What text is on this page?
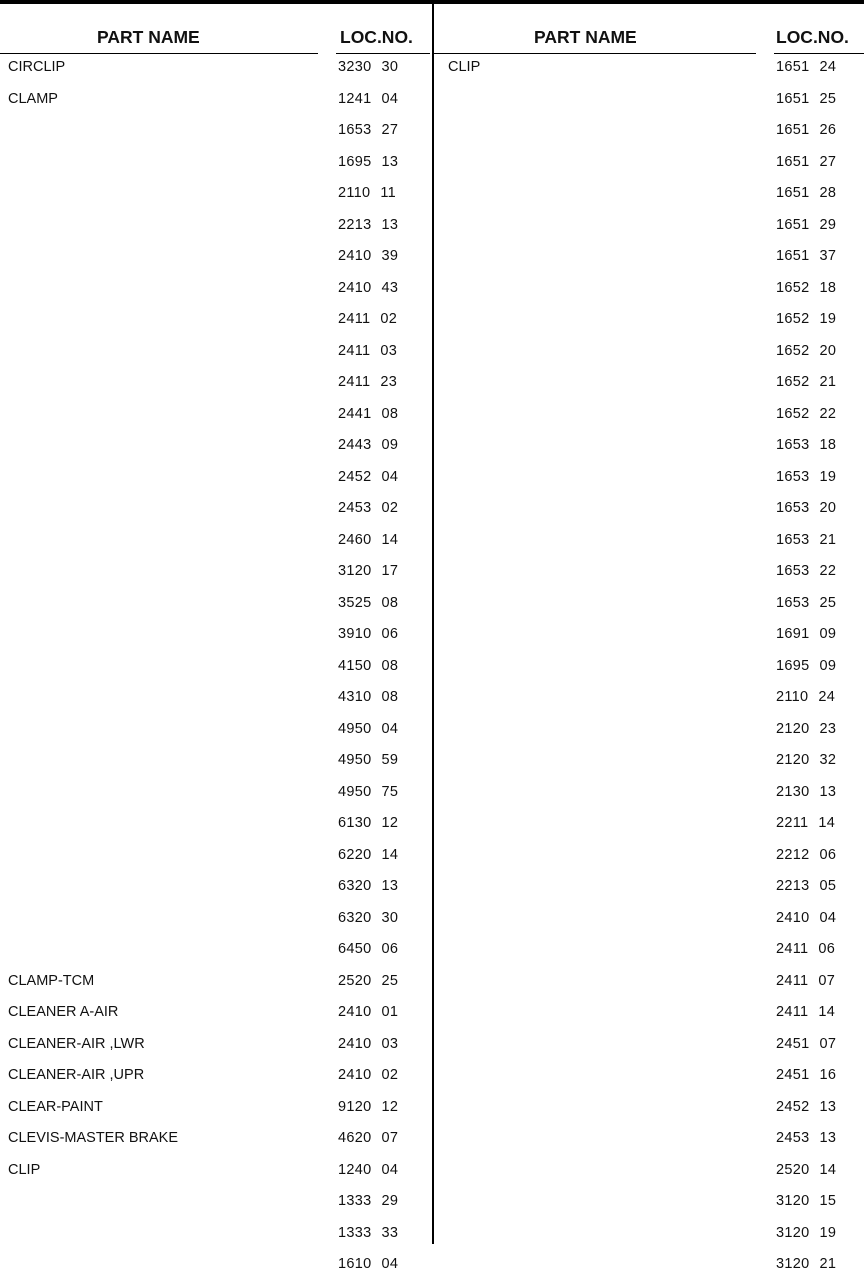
PART NAME	LOC.NO.
CIRCLIP	3230 30
CLAMP	1241 04
1653 27
1695 13
2110 11
2213 13
2410 39
2410 43
2411 02
2411 03
2411 23
2441 08
2443 09
2452 04
2453 02
2460 14
3120 17
3525 08
3910 06
4150 08
4310 08
4950 04
4950 59
4950 75
6130 12
6220 14
6320 13
6320 30
6450 06
CLAMP-TCM	2520 25
CLEANER A-AIR	2410 01
CLEANER-AIR ,LWR	2410 03
CLEANER-AIR ,UPR	2410 02
CLEAR-PAINT	9120 12
CLEVIS-MASTER BRAKE	4620 07
CLIP	1240 04
1333 29
1333 33
1610 04
PART NAME	LOC.NO.
CLIP	1651 24
1651 25
1651 26
1651 27
1651 28
1651 29
1651 37
1652 18
1652 19
1652 20
1652 21
1652 22
1653 18
1653 19
1653 20
1653 21
1653 22
1653 25
1691 09
1695 09
2110 24
2120 23
2120 32
2130 13
2211 14
2212 06
2213 05
2410 04
2411 06
2411 07
2411 14
2451 07
2451 16
2452 13
2453 13
2520 14
3120 15
3120 19
3120 21
